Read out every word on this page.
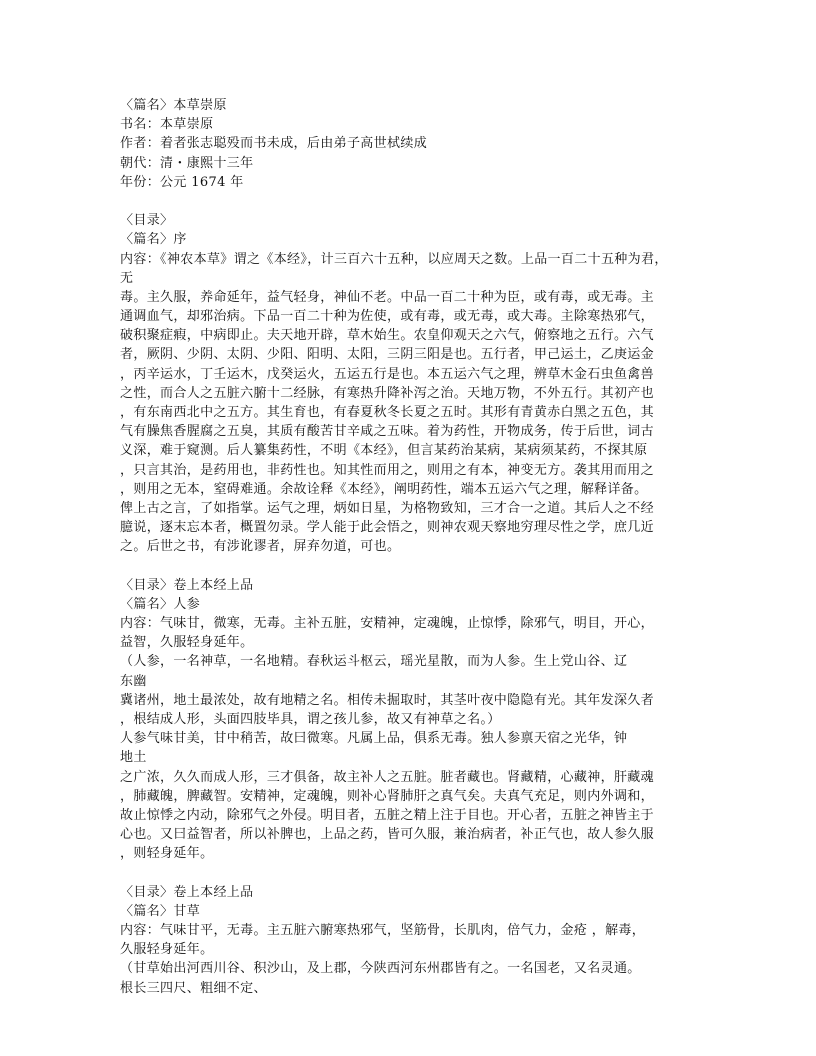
〈篇名〉本草崇原
书名：本草崇原
作者：着者张志聪殁而书未成，后由弟子高世栻续成
朝代：清・康熙十三年
年份：公元 1674 年
〈目录〉
〈篇名〉序
内容：《神农本草》谓之《本经》，计三百六十五种，以应周天之数。上品一百二十五种为君，
无
毒。主久服，养命延年，益气轻身，神仙不老。中品一百二十种为臣，或有毒，或无毒。主
通调血气，却邪治病。下品一百二十种为佐使，或有毒，或无毒，或大毒。主除寒热邪气，
破积聚症瘕，中病即止。夫天地开辟，草木始生。农皇仰观天之六气，俯察地之五行。六气
者，厥阴、少阴、太阴、少阳、阳明、太阳，三阴三阳是也。五行者，甲己运土，乙庚运金
，丙辛运水，丁壬运木，戊癸运火，五运五行是也。本五运六气之理，辨草木金石虫鱼禽兽
之性，而合人之五脏六腑十二经脉，有寒热升降补泻之治。天地万物，不外五行。其初产也
，有东南西北中之五方。其生育也，有春夏秋冬长夏之五时。其形有青黄赤白黑之五色，其
气有臊焦香腥腐之五臭，其质有酸苦甘辛咸之五味。着为药性，开物成务，传于后世，词古
义深，难于窥测。后人纂集药性，不明《本经》，但言某药治某病，某病须某药，不探其原
，只言其治，是药用也，非药性也。知其性而用之，则用之有本，神变无方。袭其用而用之
，则用之无本，窒碍难通。余故诠释《本经》，阐明药性，端本五运六气之理，解释详备。
俾上古之言，了如指掌。运气之理，炳如日星，为格物致知，三才合一之道。其后人之不经
臆说，逐末忘本者，概置勿录。学人能于此会悟之，则神农观天察地穷理尽性之学，庶几近
之。后世之书，有涉讹谬者，屏弃勿道，可也。
〈目录〉卷上本经上品
〈篇名〉人参
内容：气味甘，微寒，无毒。主补五脏，安精神，定魂魄，止惊悸，除邪气，明目，开心，
益智，久服轻身延年。
（人参，一名神草，一名地精。春秋运斗枢云，瑶光星散，而为人参。生上党山谷、辽
东幽
冀诸州，地土最浓处，故有地精之名。相传未掘取时，其茎叶夜中隐隐有光。其年发深久者
，根结成人形，头面四肢毕具，谓之孩儿参，故又有神草之名。）
人参气味甘美，甘中稍苦，故曰微寒。凡属上品，俱系无毒。独人参禀天宿之光华，钟
地土
之广浓，久久而成人形，三才俱备，故主补人之五脏。脏者藏也。肾藏精，心藏神，肝藏魂
，肺藏魄，脾藏智。安精神，定魂魄，则补心肾肺肝之真气矣。夫真气充足，则内外调和，
故止惊悸之内动，除邪气之外侵。明目者，五脏之精上注于目也。开心者，五脏之神皆主于
心也。又曰益智者，所以补脾也，上品之药，皆可久服，兼治病者，补正气也，故人参久服
，则轻身延年。
〈目录〉卷上本经上品
〈篇名〉甘草
内容：气味甘平，无毒。主五脏六腑寒热邪气，坚筋骨，长肌肉，倍气力，金疮 ，解毒，
久服轻身延年。
（甘草始出河西川谷、积沙山，及上郡，今陕西河东州郡皆有之。一名国老，又名灵通。
根长三四尺、粗细不定、
